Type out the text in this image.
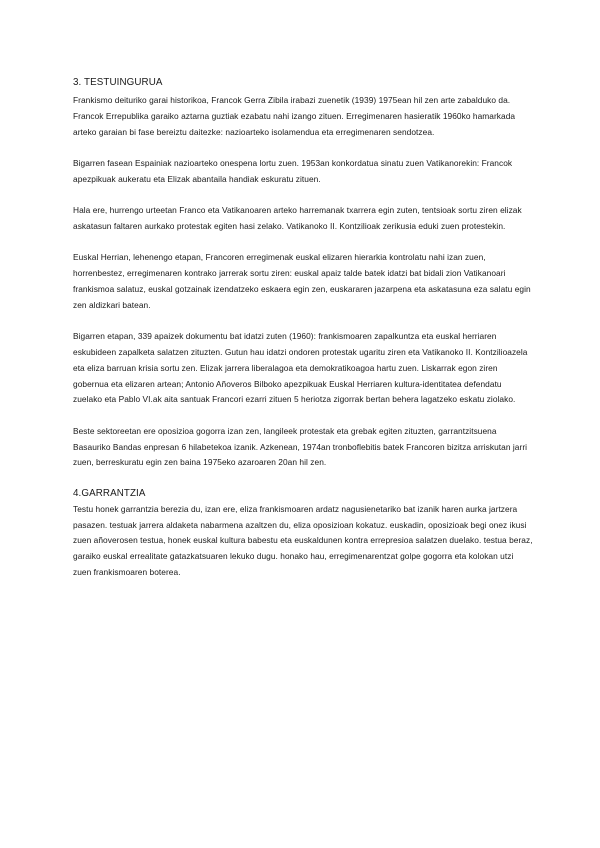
3. TESTUINGURUA

Frankismo deituriko garai historikoa, Francok Gerra Zibila irabazi zuenetik (1939) 1975ean hil zen arte zabalduko da. Francok Errepublika garaiko aztarna guztiak ezabatu nahi izango zituen. Erregimenaren hasieratik 1960ko hamarkada arteko garaian bi fase bereiztu daitezke: nazioarteko isolamendua eta erregimenaren sendotzea.

Bigarren fasean Espainiak nazioarteko onespena lortu zuen. 1953an konkordatua sinatu zuen Vatikanorekin: Francok apezpikuak aukeratu eta Elizak abantaila handiak eskuratu zituen.

Hala ere, hurrengo urteetan Franco eta Vatikanoaren arteko harremanak txarrera egin zuten, tentsioak sortu ziren elizak askatasun faltaren aurkako protestak egiten hasi zelako. Vatikanoko II. Kontzilioak zerikusia eduki zuen protestekin.

Euskal Herrian, lehenengo etapan, Francoren erregimenak euskal elizaren hierarkia kontrolatu nahi izan zuen, horrenbestez, erregimenaren kontrako jarrerak sortu ziren: euskal apaiz talde batek idatzi bat bidali zion Vatikanoari frankismoa salatuz, euskal gotzainak izendatzeko eskaera egin zen, euskararen jazarpena eta askatasuna eza salatu egin zen aldizkari batean.

Bigarren etapan, 339 apaizek dokumentu bat idatzi zuten (1960): frankismoaren zapalkuntza eta euskal herriaren eskubideen zapalketa salatzen zituzten. Gutun hau idatzi ondoren protestak ugaritu ziren eta Vatikanoko II. Kontzilioazela eta eliza barruan krisia sortu zen. Elizak jarrera liberalagoa eta demokratikoagoa hartu zuen. Liskarrak egon ziren gobernua eta elizaren artean; Antonio Añoveros Bilboko apezpikuak Euskal Herriaren kultura-identitatea defendatu zuelako eta Pablo VI.ak aita santuak Francori ezarri zituen 5 heriotza zigorrak bertan behera lagatzeko eskatu ziolako.

Beste sektoreetan ere oposizioa gogorra izan zen, langileek protestak eta grebak egiten zituzten, garrantzitsuena Basauriko Bandas enpresan 6 hilabetekoa izanik. Azkenean, 1974an tronboflebitis batek Francoren bizitza arriskutan jarri zuen, berreskuratu egin zen baina 1975eko azaroaren 20an hil zen.

4.GARRANTZIA

Testu honek garrantzia berezia du, izan ere, eliza frankismoaren ardatz nagusienetariko bat izanik haren aurka jartzera pasazen. testuak jarrera aldaketa nabarmena azaltzen du, eliza oposizioan kokatuz. euskadin, oposizioak begi onez ikusi zuen añoverosen testua, honek euskal kultura babestu eta euskaldunen kontra errepresioa salatzen duelako. testua beraz, garaiko euskal errealitate gatazkatsuaren lekuko dugu. honako hau, erregimenarentzat golpe gogorra eta kolokan utzi zuen frankismoaren boterea.
